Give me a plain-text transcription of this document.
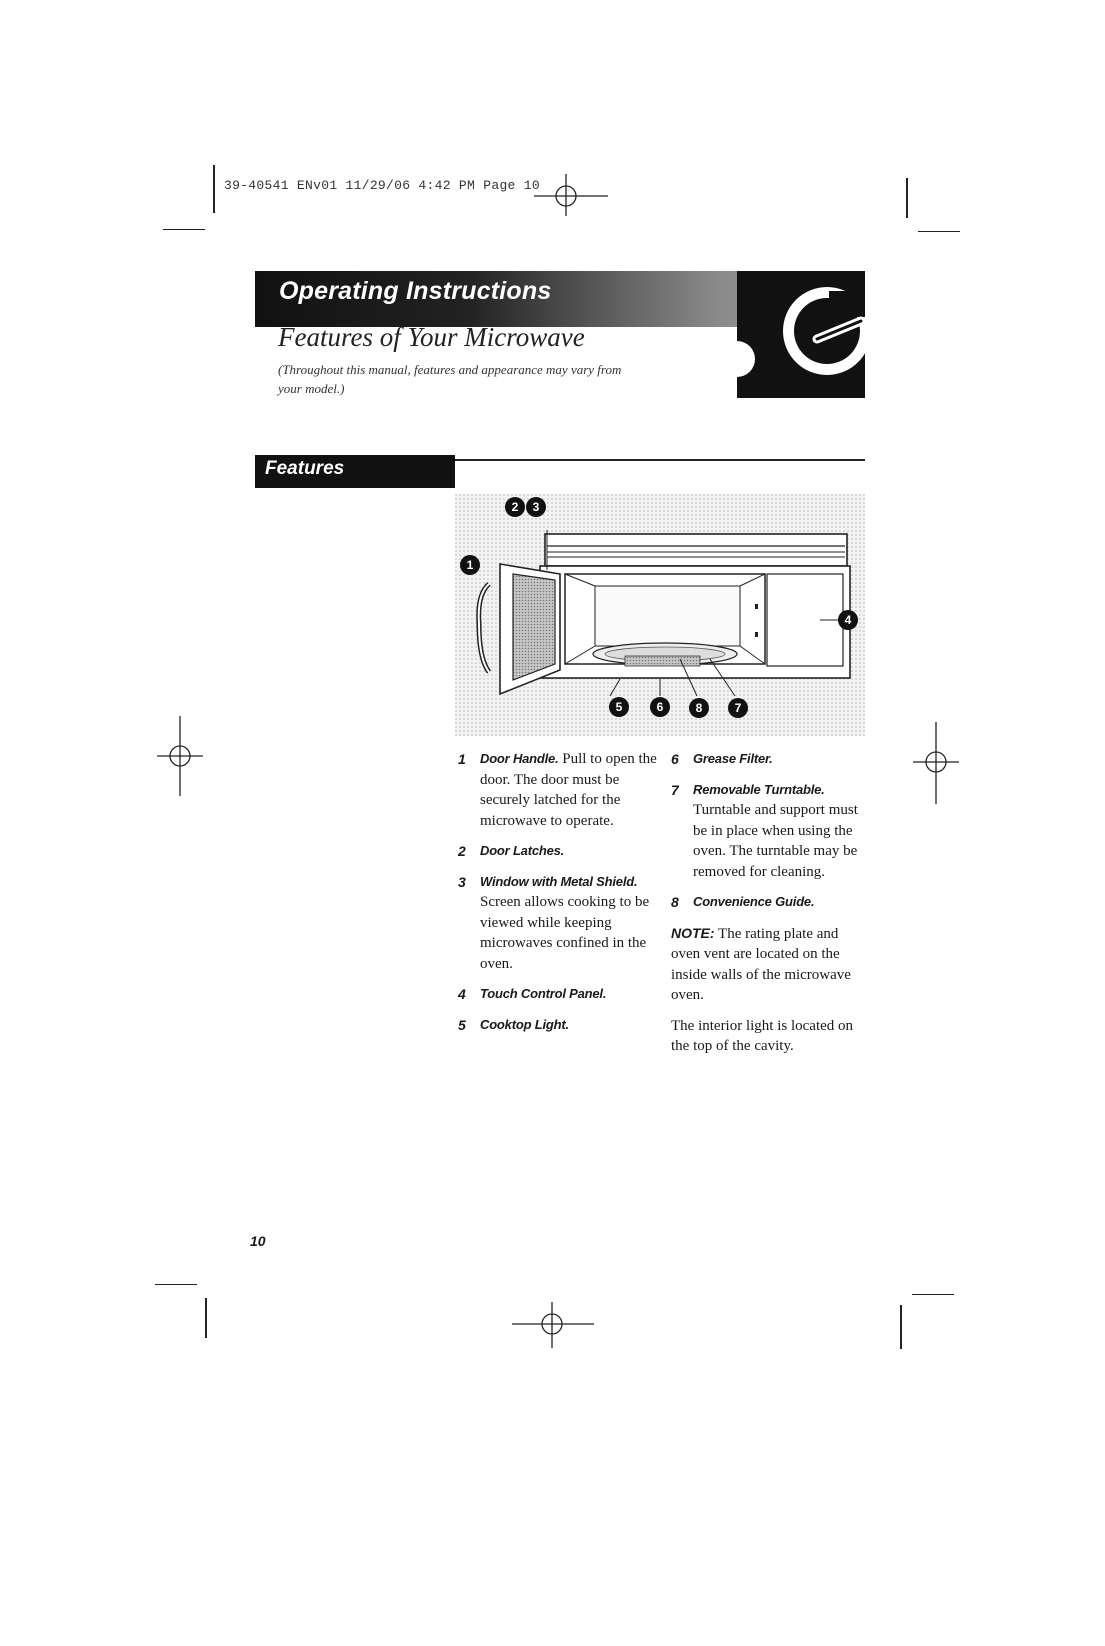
39-40541 ENv01 11/29/06 4:42 PM Page 10
Operating Instructions
Features of Your Microwave
(Throughout this manual, features and appearance may vary from your model.)
Features
2 3
1
4
5	6	8	7
1 Door Handle. Pull to open the door. The door must be securely latched for the microwave to operate.
2 Door Latches.
3 Window with Metal Shield. Screen allows cooking to be viewed while keeping microwaves confined in the oven.
4 Touch Control Panel.
5 Cooktop Light.
6 Grease Filter.
7 Removable Turntable. Turntable and support must be in place when using the oven. The turntable may be removed for cleaning.
8 Convenience Guide.
NOTE: The rating plate and oven vent are located on the inside walls of the microwave oven.
The interior light is located on the top of the cavity.
10
